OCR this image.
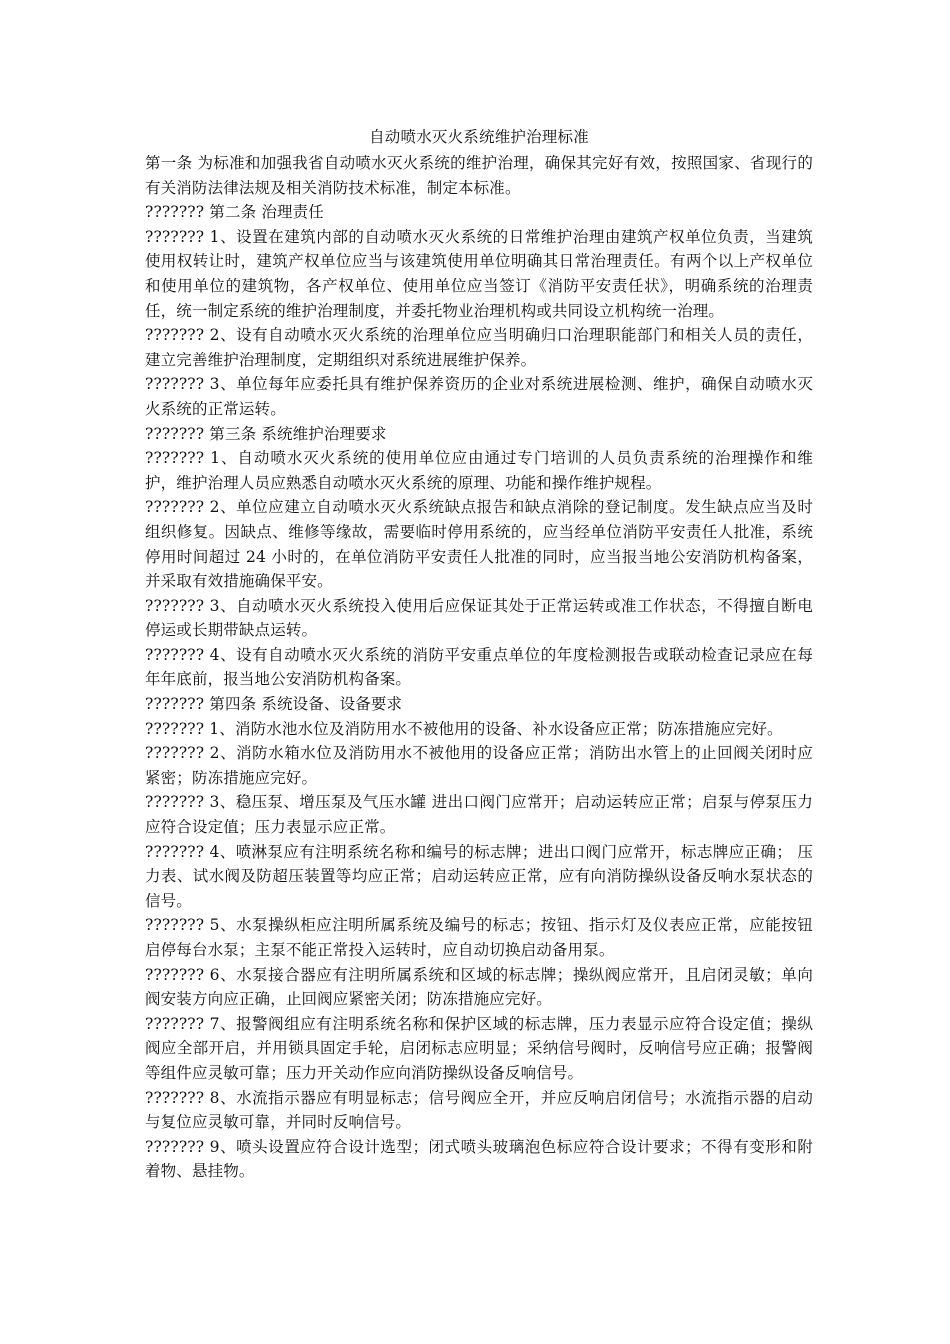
自动喷水灭火系统维护治理标准

第一条 为标准和加强我省自动喷水灭火系统的维护治理，确保其完好有效，按照国家、省现行的有关消防法律法规及相关消防技术标准，制定本标准。

??????? 第二条 治理责任

??????? 1、设置在建筑内部的自动喷水灭火系统的日常维护治理由建筑产权单位负责，当建筑使用权转让时，建筑产权单位应当与该建筑使用单位明确其日常治理责任。有两个以上产权单位和使用单位的建筑物，各产权单位、使用单位应当签订《消防平安责任状》，明确系统的治理责任，统一制定系统的维护治理制度，并委托物业治理机构或共同设立机构统一治理。

??????? 2、设有自动喷水灭火系统的治理单位应当明确归口治理职能部门和相关人员的责任，建立完善维护治理制度，定期组织对系统进展维护保养。

??????? 3、单位每年应委托具有维护保养资历的企业对系统进展检测、维护，确保自动喷水灭火系统的正常运转。

??????? 第三条 系统维护治理要求

??????? 1、自动喷水灭火系统的使用单位应由通过专门培训的人员负责系统的治理操作和维护，维护治理人员应熟悉自动喷水灭火系统的原理、功能和操作维护规程。

??????? 2、单位应建立自动喷水灭火系统缺点报告和缺点消除的登记制度。发生缺点应当及时组织修复。因缺点、维修等缘故，需要临时停用系统的，应当经单位消防平安责任人批准，系统停用时间超过 24 小时的，在单位消防平安责任人批准的同时，应当报当地公安消防机构备案，并采取有效措施确保平安。

??????? 3、自动喷水灭火系统投入使用后应保证其处于正常运转或准工作状态，不得擅自断电停运或长期带缺点运转。

??????? 4、设有自动喷水灭火系统的消防平安重点单位的年度检测报告或联动检查记录应在每年年底前，报当地公安消防机构备案。

??????? 第四条 系统设备、设备要求

??????? 1、消防水池水位及消防用水不被他用的设备、补水设备应正常；防冻措施应完好。

??????? 2、消防水箱水位及消防用水不被他用的设备应正常；消防出水管上的止回阀关闭时应紧密；防冻措施应完好。

??????? 3、稳压泵、增压泵及气压水罐 进出口阀门应常开；启动运转应正常；启泵与停泵压力应符合设定值；压力表显示应正常。

??????? 4、喷淋泵应有注明系统名称和编号的标志牌；进出口阀门应常开，标志牌应正确； 压力表、试水阀及防超压装置等均应正常；启动运转应正常，应有向消防操纵设备反响水泵状态的信号。

??????? 5、水泵操纵柜应注明所属系统及编号的标志；按钮、指示灯及仪表应正常，应能按钮启停每台水泵；主泵不能正常投入运转时，应自动切换启动备用泵。

??????? 6、水泵接合器应有注明所属系统和区域的标志牌；操纵阀应常开，且启闭灵敏；单向阀安装方向应正确，止回阀应紧密关闭；防冻措施应完好。

??????? 7、报警阀组应有注明系统名称和保护区域的标志牌，压力表显示应符合设定值；操纵阀应全部开启，并用锁具固定手轮，启闭标志应明显；采纳信号阀时，反响信号应正确；报警阀等组件应灵敏可靠；压力开关动作应向消防操纵设备反响信号。

??????? 8、水流指示器应有明显标志；信号阀应全开，并应反响启闭信号；水流指示器的启动与复位应灵敏可靠，并同时反响信号。

??????? 9、喷头设置应符合设计选型；闭式喷头玻璃泡色标应符合设计要求；不得有变形和附着物、悬挂物。
